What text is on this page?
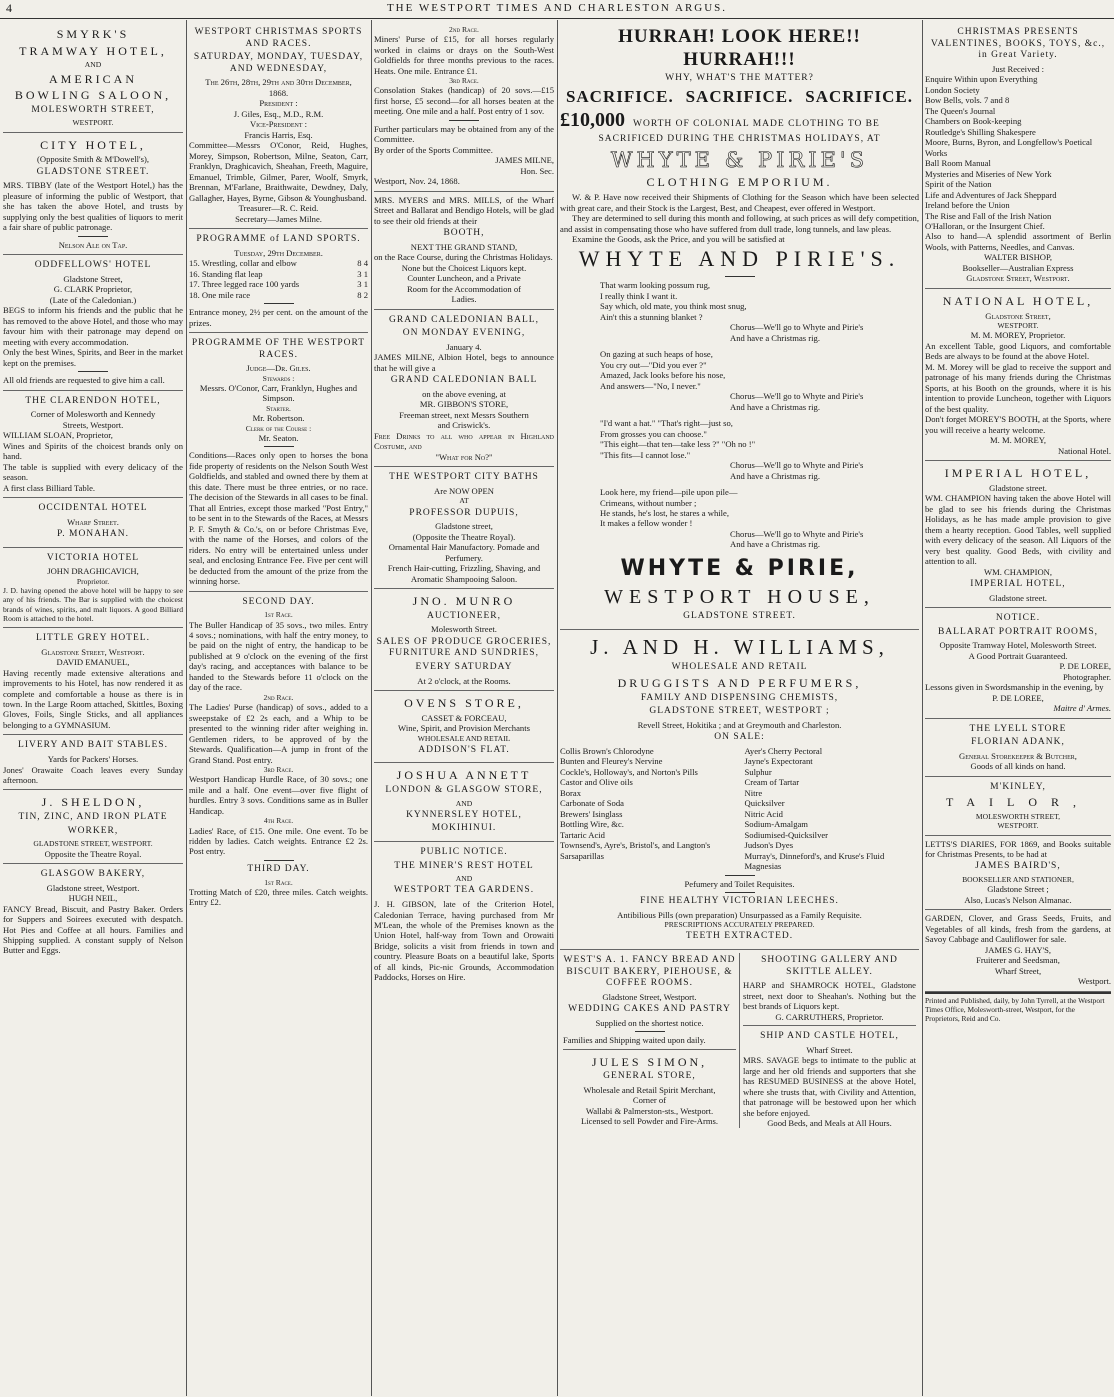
4	THE WESTPORT TIMES AND CHARLESTON ARGUS.
SMYRK'S
TRAMWAY HOTEL,
AND
AMERICAN
BOWLING SALOON,
MOLESWORTH STREET,
WESTPORT.
CITY HOTEL,
(Opposite Smith & M'Dowell's),
GLADSTONE STREET.
MRS. TIBBY (late of the Westport Hotel,) has the pleasure of informing the public of Westport, that she has taken the above Hotel, and trusts by supplying only the best qualities of liquors to merit a fair share of public patronage.
Nelson Ale on Tap.
ODDFELLOWS' HOTEL
Gladstone Street,
G. CLARK Proprietor,
(Late of the Caledonian.)
BEGS to inform his friends and the public that he has removed to the above Hotel, and those who may favour him with their patronage may depend on meeting with every accommodation.
Only the best Wines, Spirits, and Beer in the market kept on the premises.
All old friends are requested to give him a call.
THE CLARENDON HOTEL,
Corner of Molesworth and Kennedy
Streets, Westport.
WILLIAM SLOAN, Proprietor,
Wines and Spirits of the choicest brands only on hand.
The table is supplied with every delicacy of the season.
A first class Billiard Table.
OCCIDENTAL HOTEL
Wharf Street.
P. MONAHAN.
VICTORIA HOTEL
JOHN DRAGHICAVICH,
Proprietor.
J. D. having opened the above hotel will be happy to see any of his friends. The Bar is supplied with the choicest brands of wines, spirits, and malt liquors. A good Billiard Room is attached to the hotel.
LITTLE GREY HOTEL.
Gladstone Street, Westport.
DAVID EMANUEL,
Having recently made extensive alterations and improvements to his Hotel, has now rendered it as complete and comfortable a house as there is in town. In the Large Room attached, Skittles, Boxing Gloves, Foils, Single Sticks, and all appliances belonging to a GYMNASIUM.
LIVERY AND BAIT STABLES.
Yards for Packers' Horses.
Jones' Orawaite Coach leaves every Sunday afternoon.
J. SHELDON,
TIN, ZINC, AND IRON PLATE
WORKER,
GLADSTONE STREET, WESTPORT.
Opposite the Theatre Royal.
GLASGOW BAKERY,
Gladstone street, Westport.
HUGH NEIL,
FANCY Bread, Biscuit, and Pastry Baker. Orders for Suppers and Soirees executed with despatch. Hot Pies and Coffee at all hours. Families and Shipping supplied. A constant supply of Nelson Butter and Eggs.
WESTPORT CHRISTMAS SPORTS AND RACES.
SATURDAY, MONDAY, TUESDAY, AND WEDNESDAY,
The 26th, 28th, 29th and 30th December,
1868.
President :
J. Giles, Esq., M.D., R.M.
Vice-President :
Francis Harris, Esq.
Committee—Messrs O'Conor, Reid, Hughes, Morey, Simpson, Robertson, Milne, Seaton, Carr, Franklyn, Draghicavich, Sheahan, Freeth, Maguire, Emanuel, Trimble, Gilmer, Parer, Woolf, Smyrk, Brennan, M'Farlane, Braithwaite, Dewdney, Daly, Gallagher, Hayes, Byrne, Gibson & Younghusband.
Treasurer—R. C. Reid.
Secretary—James Milne.
PROGRAMME of LAND SPORTS.
Tuesday, 29th December.
15. Wrestling, collar and elbow	8 4
16. Standing flat leap	3 1
17. Three legged race 100 yards	3 1
18. One mile race	8 2
Entrance money, 2½ per cent. on the amount of the prizes.
PROGRAMME OF THE WESTPORT RACES.
Judge—Dr. Giles.
Stewards :
Messrs. O'Conor, Carr, Franklyn, Hughes and Simpson.
Starter.
Mr. Robertson.
Clerk of the Course :
Mr. Seaton.
Conditions—Races only open to horses the bona fide property of residents on the Nelson South West Goldfields, and stabled and owned there by them at this date. There must be three entries, or no race. The decision of the Stewards in all cases to be final. That all Entries, except those marked "Post Entry," to be sent in to the Stewards of the Races, at Messrs P. F. Smyth & Co.'s, on or before Christmas Eve, with the name of the Horses, and colors of the riders. No entry will be entertained unless under seal, and enclosing Entrance Fee. Five per cent will be deducted from the amount of the prize from the winning horse.
SECOND DAY.
1st Race.
The Buller Handicap of 35 sovs., two miles. Entry 4 sovs.; nominations, with half the entry money, to be paid on the night of entry, the handicap to be published at 9 o'clock on the evening of the first day's racing, and acceptances with balance to be handed to the Stewards before 11 o'clock on the day of the race.
2nd Race.
The Ladies' Purse (handicap) of sovs., added to a sweepstake of £2 2s each, and a Whip to be presented to the winning rider after weighing in. Gentlemen riders, to be approved of by the Stewards. Qualification—A jump in front of the Grand Stand. Post entry.
3rd Race.
Westport Handicap Hurdle Race, of 30 sovs.; one mile and a half. One event—over five flight of hurdles. Entry 3 sovs. Conditions same as in Buller Handicap.
4th Race.
Ladies' Race, of £15. One mile. One event. To be ridden by ladies. Catch weights. Entrance £2 2s. Post entry.
THIRD DAY.
1st Race.
Trotting Match of £20, three miles. Catch weights. Entry £2.
2nd Race.
Miners' Purse of £15, for all horses regularly worked in claims or drays on the South-West Goldfields for three months previous to the races. Heats. One mile. Entrance £1.
3rd Race.
Consolation Stakes (handicap) of 20 sovs.—£15 first horse, £5 second—for all horses beaten at the meeting. One mile and a half. Post entry of 1 sov.
Further particulars may be obtained from any of the Committee.
By order of the Sports Committee.
JAMES MILNE,
Hon. Sec.
Westport, Nov. 24, 1868.
MRS. MYERS and MRS. MILLS, of the Wharf Street and Ballarat and Bendigo Hotels, will be glad to see their old friends at their
BOOTH,
NEXT THE GRAND STAND,
on the Race Course, during the Christmas Holidays.
None but the Choicest Liquors kept.
Counter Luncheon, and a Private
Room for the Accommodation of
Ladies.
GRAND CALEDONIAN BALL,
ON MONDAY EVENING,
January 4.
JAMES MILNE, Albion Hotel, begs to announce that he will give a
GRAND CALEDONIAN BALL
on the above evening, at
MR. GIBBON'S STORE,
Freeman street, next Messrs Southern
and Criswick's.
Free Drinks to all who appear in Highland Costume, and
"What for No?"
THE WESTPORT CITY BATHS
Are NOW OPEN
AT
PROFESSOR DUPUIS,
Gladstone street,
(Opposite the Theatre Royal).
Ornamental Hair Manufactory. Pomade and Perfumery.
French Hair-cutting, Frizzling, Shaving, and Aromatic Shampooing Saloon.
JNO. MUNRO
AUCTIONEER,
Molesworth Street.
SALES OF PRODUCE GROCERIES, FURNITURE AND SUNDRIES,
EVERY SATURDAY
At 2 o'clock, at the Rooms.
OVENS STORE,
CASSET & FORCEAU,
Wine, Spirit, and Provision Merchants
WHOLESALE AND RETAIL
ADDISON'S FLAT.
JOSHUA ANNETT
LONDON & GLASGOW STORE,
AND
KYNNERSLEY HOTEL,
MOKIHINUI.
PUBLIC NOTICE.
THE MINER'S REST HOTEL
AND
WESTPORT TEA GARDENS.
J. H. GIBSON, late of the Criterion Hotel, Caledonian Terrace, having purchased from Mr M'Lean, the whole of the Premises known as the Union Hotel, half-way from Town and Orowaiti Bridge, solicits a visit from friends in town and country. Pleasure Boats on a beautiful lake, Sports of all kinds, Pic-nic Grounds, Accommodation Paddocks, Horses on Hire.
HURRAH! LOOK HERE!! HURRAH!!!
WHY, WHAT'S THE MATTER?
SACRIFICE. SACRIFICE. SACRIFICE.
£10,000 WORTH OF COLONIAL MADE CLOTHING TO BE
SACRIFICED DURING THE CHRISTMAS HOLIDAYS, AT
WHYTE & PIRIE'S
CLOTHING EMPORIUM.
W. & P. Have now received their Shipments of Clothing for the Season which have been selected with great care, and their Stock is the Largest, Best, and Cheapest, ever offered in Westport.
They are determined to sell during this month and following, at such prices as will defy competition, and assist in compensating those who have suffered from dull trade, long tunnels, and law pleas.
Examine the Goods, ask the Price, and you will be satisfied at
WHYTE AND PIRIE'S.
That warm looking possum rug,
I really think I want it.
Say which, old mate, you think most snug,
Ain't this a stunning blanket ?
Chorus—We'll go to Whyte and Pirie's
And have a Christmas rig.
On gazing at such heaps of hose,
You cry out—"Did you ever ?"
Amazed, Jack looks before his nose,
And answers—"No, I never."
Chorus—We'll go to Whyte and Pirie's
And have a Christmas rig.
"I'd want a hat." "That's right—just so,
From grosses you can choose."
"This eight—that ten—take less ?" "Oh no !"
"This fits—I cannot lose."
Chorus—We'll go to Whyte and Pirie's
And have a Christmas rig.
Look here, my friend—pile upon pile—
Crimeans, without number ;
He stands, he's lost, he stares a while,
It makes a fellow wonder !
Chorus—We'll go to Whyte and Pirie's
And have a Christmas rig.
WHYTE & PIRIE,
WESTPORT HOUSE,
GLADSTONE STREET.
J. AND H. WILLIAMS,
WHOLESALE AND RETAIL
DRUGGISTS AND PERFUMERS,
FAMILY AND DISPENSING CHEMISTS,
GLADSTONE STREET, WESTPORT ;
Revell Street, Hokitika ; and at Greymouth and Charleston.
ON SALE:
Collis Brown's Chlorodyne
Bunten and Fleurey's Nervine
Cockle's, Holloway's, and Norton's Pills
Castor and Olive oils
Borax
Carbonate of Soda
Brewers' Isinglass
Bottling Wire, &c.
Tartaric Acid
Townsend's, Ayre's, Bristol's, and Langton's Sarsaparillas
Ayer's Cherry Pectoral
Jayne's Expectorant
Sulphur
Cream of Tartar
Nitre
Quicksilver
Nitric Acid
Sodium-Amalgam
Sodiumised-Quicksilver
Judson's Dyes
Murray's, Dinneford's, and Kruse's Fluid Magnesias
Pefumery and Toilet Requisites.
FINE HEALTHY VICTORIAN LEECHES.
Antibilious Pills (own preparation) Unsurpassed as a Family Requisite.
PRESCRIPTIONS ACCURATELY PREPARED.
TEETH EXTRACTED.
WEST'S A. 1. FANCY BREAD AND BISCUIT BAKERY, PIEHOUSE, & COFFEE ROOMS.
Gladstone Street, Westport.
WEDDING CAKES AND PASTRY
Supplied on the shortest notice.
Families and Shipping waited upon daily.
JULES SIMON,
GENERAL STORE,
Wholesale and Retail Spirit Merchant,
Corner of
Wallabi & Palmerston-sts., Westport.
Licensed to sell Powder and Fire-Arms.
SHOOTING GALLERY AND SKITTLE ALLEY.
HARP and SHAMROCK HOTEL, Gladstone street, next door to Sheahan's. Nothing but the best brands of Liquors kept.
G. CARRUTHERS, Proprietor.
SHIP AND CASTLE HOTEL,
Wharf Street.
MRS. SAVAGE begs to intimate to the public at large and her old friends and supporters that she has RESUMED BUSINESS at the above Hotel, where she trusts that, with Civility and Attention, that patronage will be bestowed upon her which she before enjoyed.
Good Beds, and Meals at All Hours.
CHRISTMAS PRESENTS VALENTINES, BOOKS, TOYS, &c., in Great Variety.
Just Received :
Enquire Within upon Everything
London Society
Bow Bells, vols. 7 and 8
The Queen's Journal
Chambers on Book-keeping
Routledge's Shilling Shakespere
Moore, Burns, Byron, and Longfellow's Poetical Works
Ball Room Manual
Mysteries and Miseries of New York
Spirit of the Nation
Life and Adventures of Jack Sheppard
Ireland before the Union
The Rise and Fall of the Irish Nation
O'Halloran, or the Insurgent Chief.
Also to hand—A splendid assortment of Berlin Wools, with Patterns, Needles, and Canvas.
WALTER BISHOP,
Bookseller—Australian Express
Gladstone Street, Westport.
NATIONAL HOTEL,
Gladstone Street,
WESTPORT.
M. M. MOREY, Proprietor.
An excellent Table, good Liquors, and comfortable Beds are always to be found at the above Hotel.
M. M. Morey will be glad to receive the support and patronage of his many friends during the Christmas Sports, at his Booth on the grounds, where it is his intention to provide Luncheon, together with Liquors of the best quality.
Don't forget MOREY'S BOOTH, at the Sports, where you will receive a hearty welcome.
M. M. MOREY,
National Hotel.
IMPERIAL HOTEL,
Gladstone street.
WM. CHAMPION having taken the above Hotel will be glad to see his friends during the Christmas Holidays, as he has made ample provision to give them a hearty reception. Good Tables, well supplied with every delicacy of the season. All Liquors of the very best quality. Good Beds, with civility and attention to all.
WM. CHAMPION,
IMPERIAL HOTEL,
Gladstone street.
NOTICE.
BALLARAT PORTRAIT ROOMS,
Opposite Tramway Hotel, Molesworth Street.
A Good Portrait Guaranteed.
P. DE LOREE,
Photographer.
Lessons given in Swordsmanship in the evening, by
P. DE LOREE,
Maitre d' Armes.
THE LYELL STORE
FLORIAN ADANK,
General Storekeeper & Butcher,
Goods of all kinds on hand.
M'KINLEY,
TAILOR,
MOLESWORTH STREET,
WESTPORT.
LETTS'S DIARIES, FOR 1869, and Books suitable for Christmas Presents, to be had at
JAMES BAIRD'S,
BOOKSELLER AND STATIONER,
Gladstone Street ;
Also, Lucas's Nelson Almanac.
GARDEN, Clover, and Grass Seeds, Fruits, and Vegetables of all kinds, fresh from the gardens, at Savoy Cabbage and Cauliflower for sale.
JAMES G. HAY'S,
Fruiterer and Seedsman,
Wharf Street,
Westport.
Printed and Published, daily, by John Tyrrell, at the Westport Times Office, Molesworth-street, Westport, for the Proprietors, Reid and Co.
